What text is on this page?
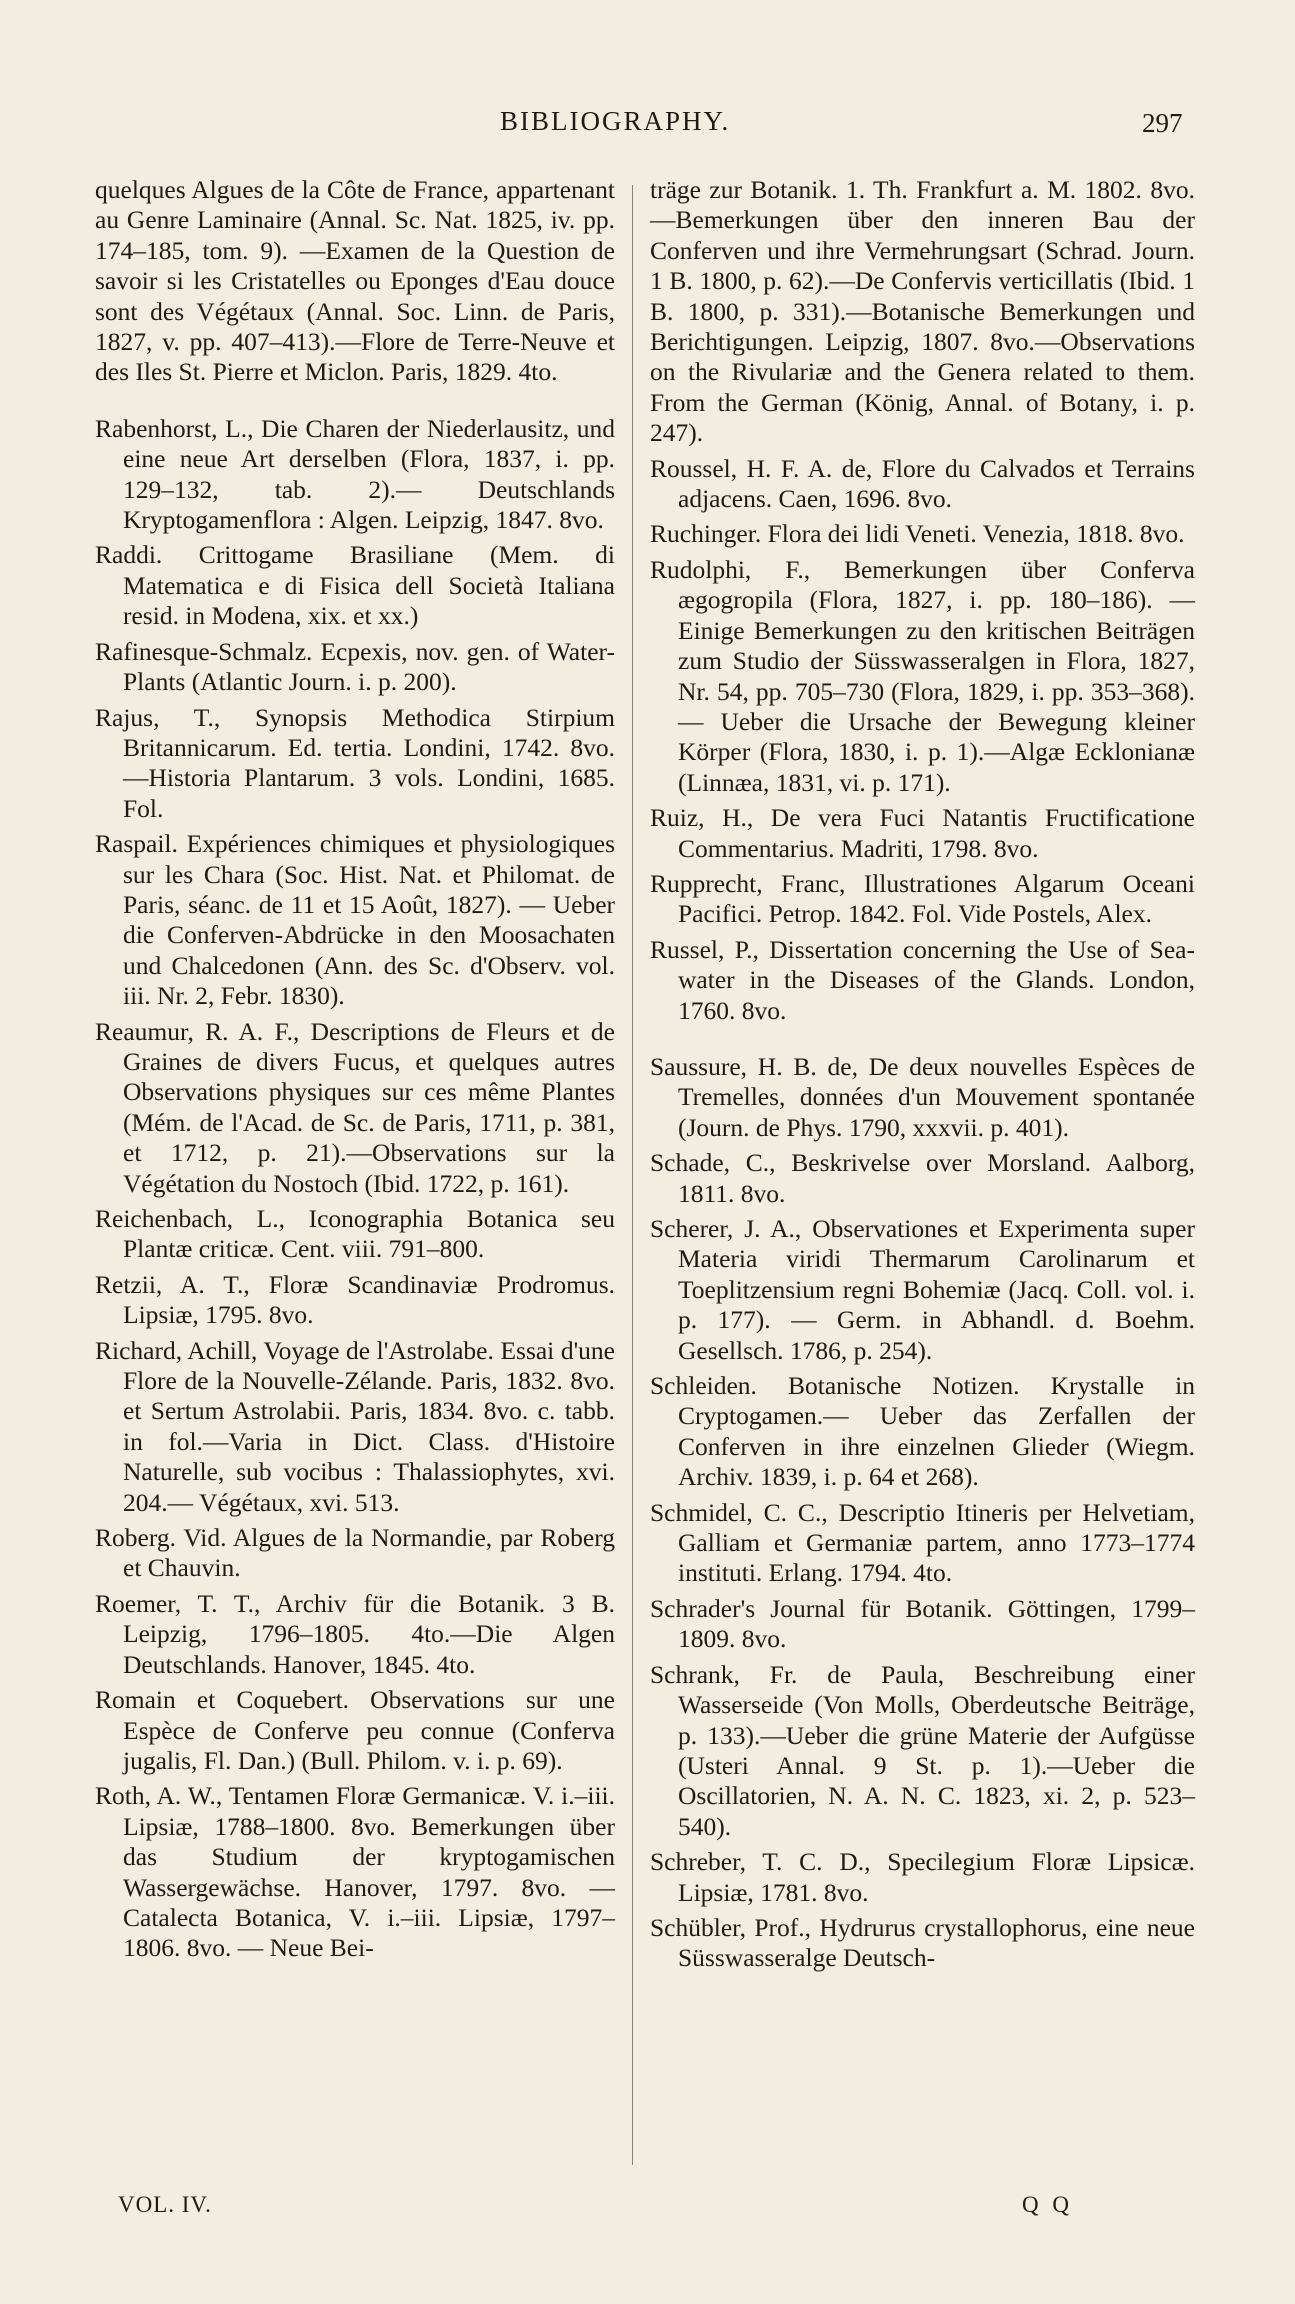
BIBLIOGRAPHY.	297

quelques Algues de la Côte de France, appartenant au Genre Laminaire (Annal. Sc. Nat. 1825, iv. pp. 174–185, tom. 9). —Examen de la Question de savoir si les Cristatelles ou Eponges d'Eau douce sont des Végétaux (Annal. Soc. Linn. de Paris, 1827, v. pp. 407–413).—Flore de Terre-Neuve et des Iles St. Pierre et Miclon. Paris, 1829. 4to.

Rabenhorst, L., Die Charen der Niederlausitz, und eine neue Art derselben (Flora, 1837, i. pp. 129–132, tab. 2).— Deutschlands Kryptogamenflora : Algen. Leipzig, 1847. 8vo.

Raddi. Crittogame Brasiliane (Mem. di Matematica e di Fisica dell Società Italiana resid. in Modena, xix. et xx.)

Rafinesque-Schmalz. Ecpexis, nov. gen. of Water-Plants (Atlantic Journ. i. p. 200).

Rajus, T., Synopsis Methodica Stirpium Britannicarum. Ed. tertia. Londini, 1742. 8vo.—Historia Plantarum. 3 vols. Londini, 1685. Fol.

Raspail. Expériences chimiques et physiologiques sur les Chara (Soc. Hist. Nat. et Philomat. de Paris, séanc. de 11 et 15 Août, 1827). — Ueber die Conferven-Abdrücke in den Moosachaten und Chalcedonen (Ann. des Sc. d'Observ. vol. iii. Nr. 2, Febr. 1830).

Reaumur, R. A. F., Descriptions de Fleurs et de Graines de divers Fucus, et quelques autres Observations physiques sur ces même Plantes (Mém. de l'Acad. de Sc. de Paris, 1711, p. 381, et 1712, p. 21).—Observations sur la Végétation du Nostoch (Ibid. 1722, p. 161).

Reichenbach, L., Iconographia Botanica seu Plantæ criticæ. Cent. viii. 791–800.

Retzii, A. T., Floræ Scandinaviæ Prodromus. Lipsiæ, 1795. 8vo.

Richard, Achill, Voyage de l'Astrolabe. Essai d'une Flore de la Nouvelle-Zélande. Paris, 1832. 8vo. et Sertum Astrolabii. Paris, 1834. 8vo. c. tabb. in fol.—Varia in Dict. Class. d'Histoire Naturelle, sub vocibus : Thalassiophytes, xvi. 204.— Végétaux, xvi. 513.

Roberg. Vid. Algues de la Normandie, par Roberg et Chauvin.

Roemer, T. T., Archiv für die Botanik. 3 B. Leipzig, 1796–1805. 4to.—Die Algen Deutschlands. Hanover, 1845. 4to.

Romain et Coquebert. Observations sur une Espèce de Conferve peu connue (Conferva jugalis, Fl. Dan.) (Bull. Philom. v. i. p. 69).

Roth, A. W., Tentamen Floræ Germanicæ. V. i.–iii. Lipsiæ, 1788–1800. 8vo. Bemerkungen über das Studium der kryptogamischen Wassergewächse. Hanover, 1797. 8vo. —Catalecta Botanica, V. i.–iii. Lipsiæ, 1797–1806. 8vo. — Neue Bei-

träge zur Botanik. 1. Th. Frankfurt a. M. 1802. 8vo.—Bemerkungen über den inneren Bau der Conferven und ihre Vermehrungsart (Schrad. Journ. 1 B. 1800, p. 62).—De Confervis verticillatis (Ibid. 1 B. 1800, p. 331).—Botanische Bemerkungen und Berichtigungen. Leipzig, 1807. 8vo.—Observations on the Rivulariæ and the Genera related to them. From the German (König, Annal. of Botany, i. p. 247).

Roussel, H. F. A. de, Flore du Calvados et Terrains adjacens. Caen, 1696. 8vo.

Ruchinger. Flora dei lidi Veneti. Venezia, 1818. 8vo.

Rudolphi, F., Bemerkungen über Conferva ægogropila (Flora, 1827, i. pp. 180–186). —Einige Bemerkungen zu den kritischen Beiträgen zum Studio der Süsswasseralgen in Flora, 1827, Nr. 54, pp. 705–730 (Flora, 1829, i. pp. 353–368). — Ueber die Ursache der Bewegung kleiner Körper (Flora, 1830, i. p. 1).—Algæ Ecklonianæ (Linnæa, 1831, vi. p. 171).

Ruiz, H., De vera Fuci Natantis Fructificatione Commentarius. Madriti, 1798. 8vo.

Rupprecht, Franc, Illustrationes Algarum Oceani Pacifici. Petrop. 1842. Fol. Vide Postels, Alex.

Russel, P., Dissertation concerning the Use of Sea-water in the Diseases of the Glands. London, 1760. 8vo.

Saussure, H. B. de, De deux nouvelles Espèces de Tremelles, données d'un Mouvement spontanée (Journ. de Phys. 1790, xxxvii. p. 401).

Schade, C., Beskrivelse over Morsland. Aalborg, 1811. 8vo.

Scherer, J. A., Observationes et Experimenta super Materia viridi Thermarum Carolinarum et Toeplitzensium regni Bohemiæ (Jacq. Coll. vol. i. p. 177). — Germ. in Abhandl. d. Boehm. Gesellsch. 1786, p. 254).

Schleiden. Botanische Notizen. Krystalle in Cryptogamen.— Ueber das Zerfallen der Conferven in ihre einzelnen Glieder (Wiegm. Archiv. 1839, i. p. 64 et 268).

Schmidel, C. C., Descriptio Itineris per Helvetiam, Galliam et Germaniæ partem, anno 1773–1774 instituti. Erlang. 1794. 4to.

Schrader's Journal für Botanik. Göttingen, 1799–1809. 8vo.

Schrank, Fr. de Paula, Beschreibung einer Wasserseide (Von Molls, Oberdeutsche Beiträge, p. 133).—Ueber die grüne Materie der Aufgüsse (Usteri Annal. 9 St. p. 1).—Ueber die Oscillatorien, N. A. N. C. 1823, xi. 2, p. 523–540).

Schreber, T. C. D., Specilegium Floræ Lipsicæ. Lipsiæ, 1781. 8vo.

Schübler, Prof., Hydrurus crystallophorus, eine neue Süsswasseralge Deutsch-

VOL. IV.	Q Q
